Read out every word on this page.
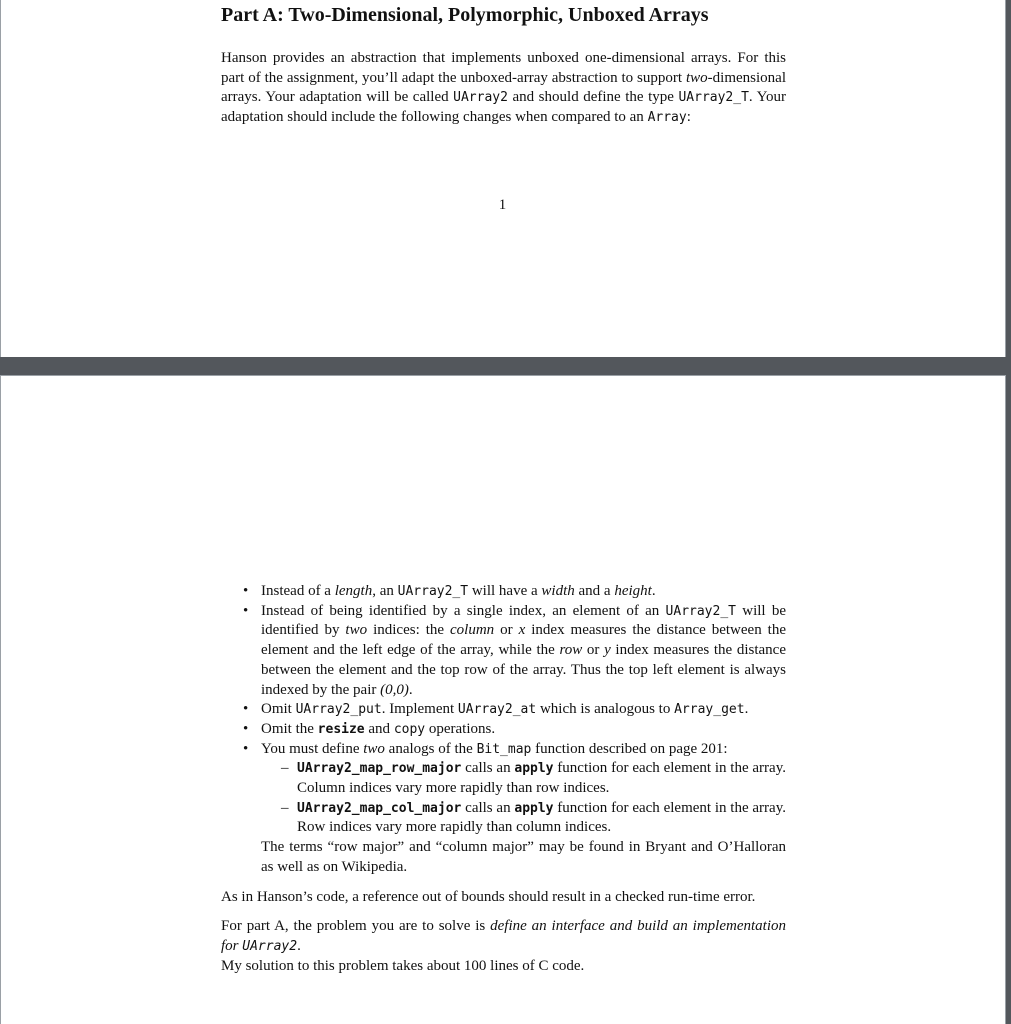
Part A: Two-Dimensional, Polymorphic, Unboxed Arrays

Hanson provides an abstraction that implements unboxed one-dimensional arrays. For this part of the assignment, you’ll adapt the unboxed-array abstraction to support two-dimensional arrays. Your adaptation will be called UArray2 and should define the type UArray2_T. Your adaptation should include the following changes when compared to an Array:

1
• Instead of a length, an UArray2_T will have a width and a height.
• Instead of being identified by a single index, an element of an UArray2_T will be identified by two indices: the column or x index measures the distance between the element and the left edge of the array, while the row or y index measures the distance between the element and the top row of the array. Thus the top left element is always indexed by the pair (0,0).
• Omit UArray2_put. Implement UArray2_at which is analogous to Array_get.
• Omit the resize and copy operations.
• You must define two analogs of the Bit_map function described on page 201:
– UArray2_map_row_major calls an apply function for each element in the array. Column indices vary more rapidly than row indices.
– UArray2_map_col_major calls an apply function for each element in the array. Row indices vary more rapidly than column indices.
The terms “row major” and “column major” may be found in Bryant and O’Halloran as well as on Wikipedia.

As in Hanson’s code, a reference out of bounds should result in a checked run-time error.

For part A, the problem you are to solve is define an interface and build an implementation for UArray2.

My solution to this problem takes about 100 lines of C code.
